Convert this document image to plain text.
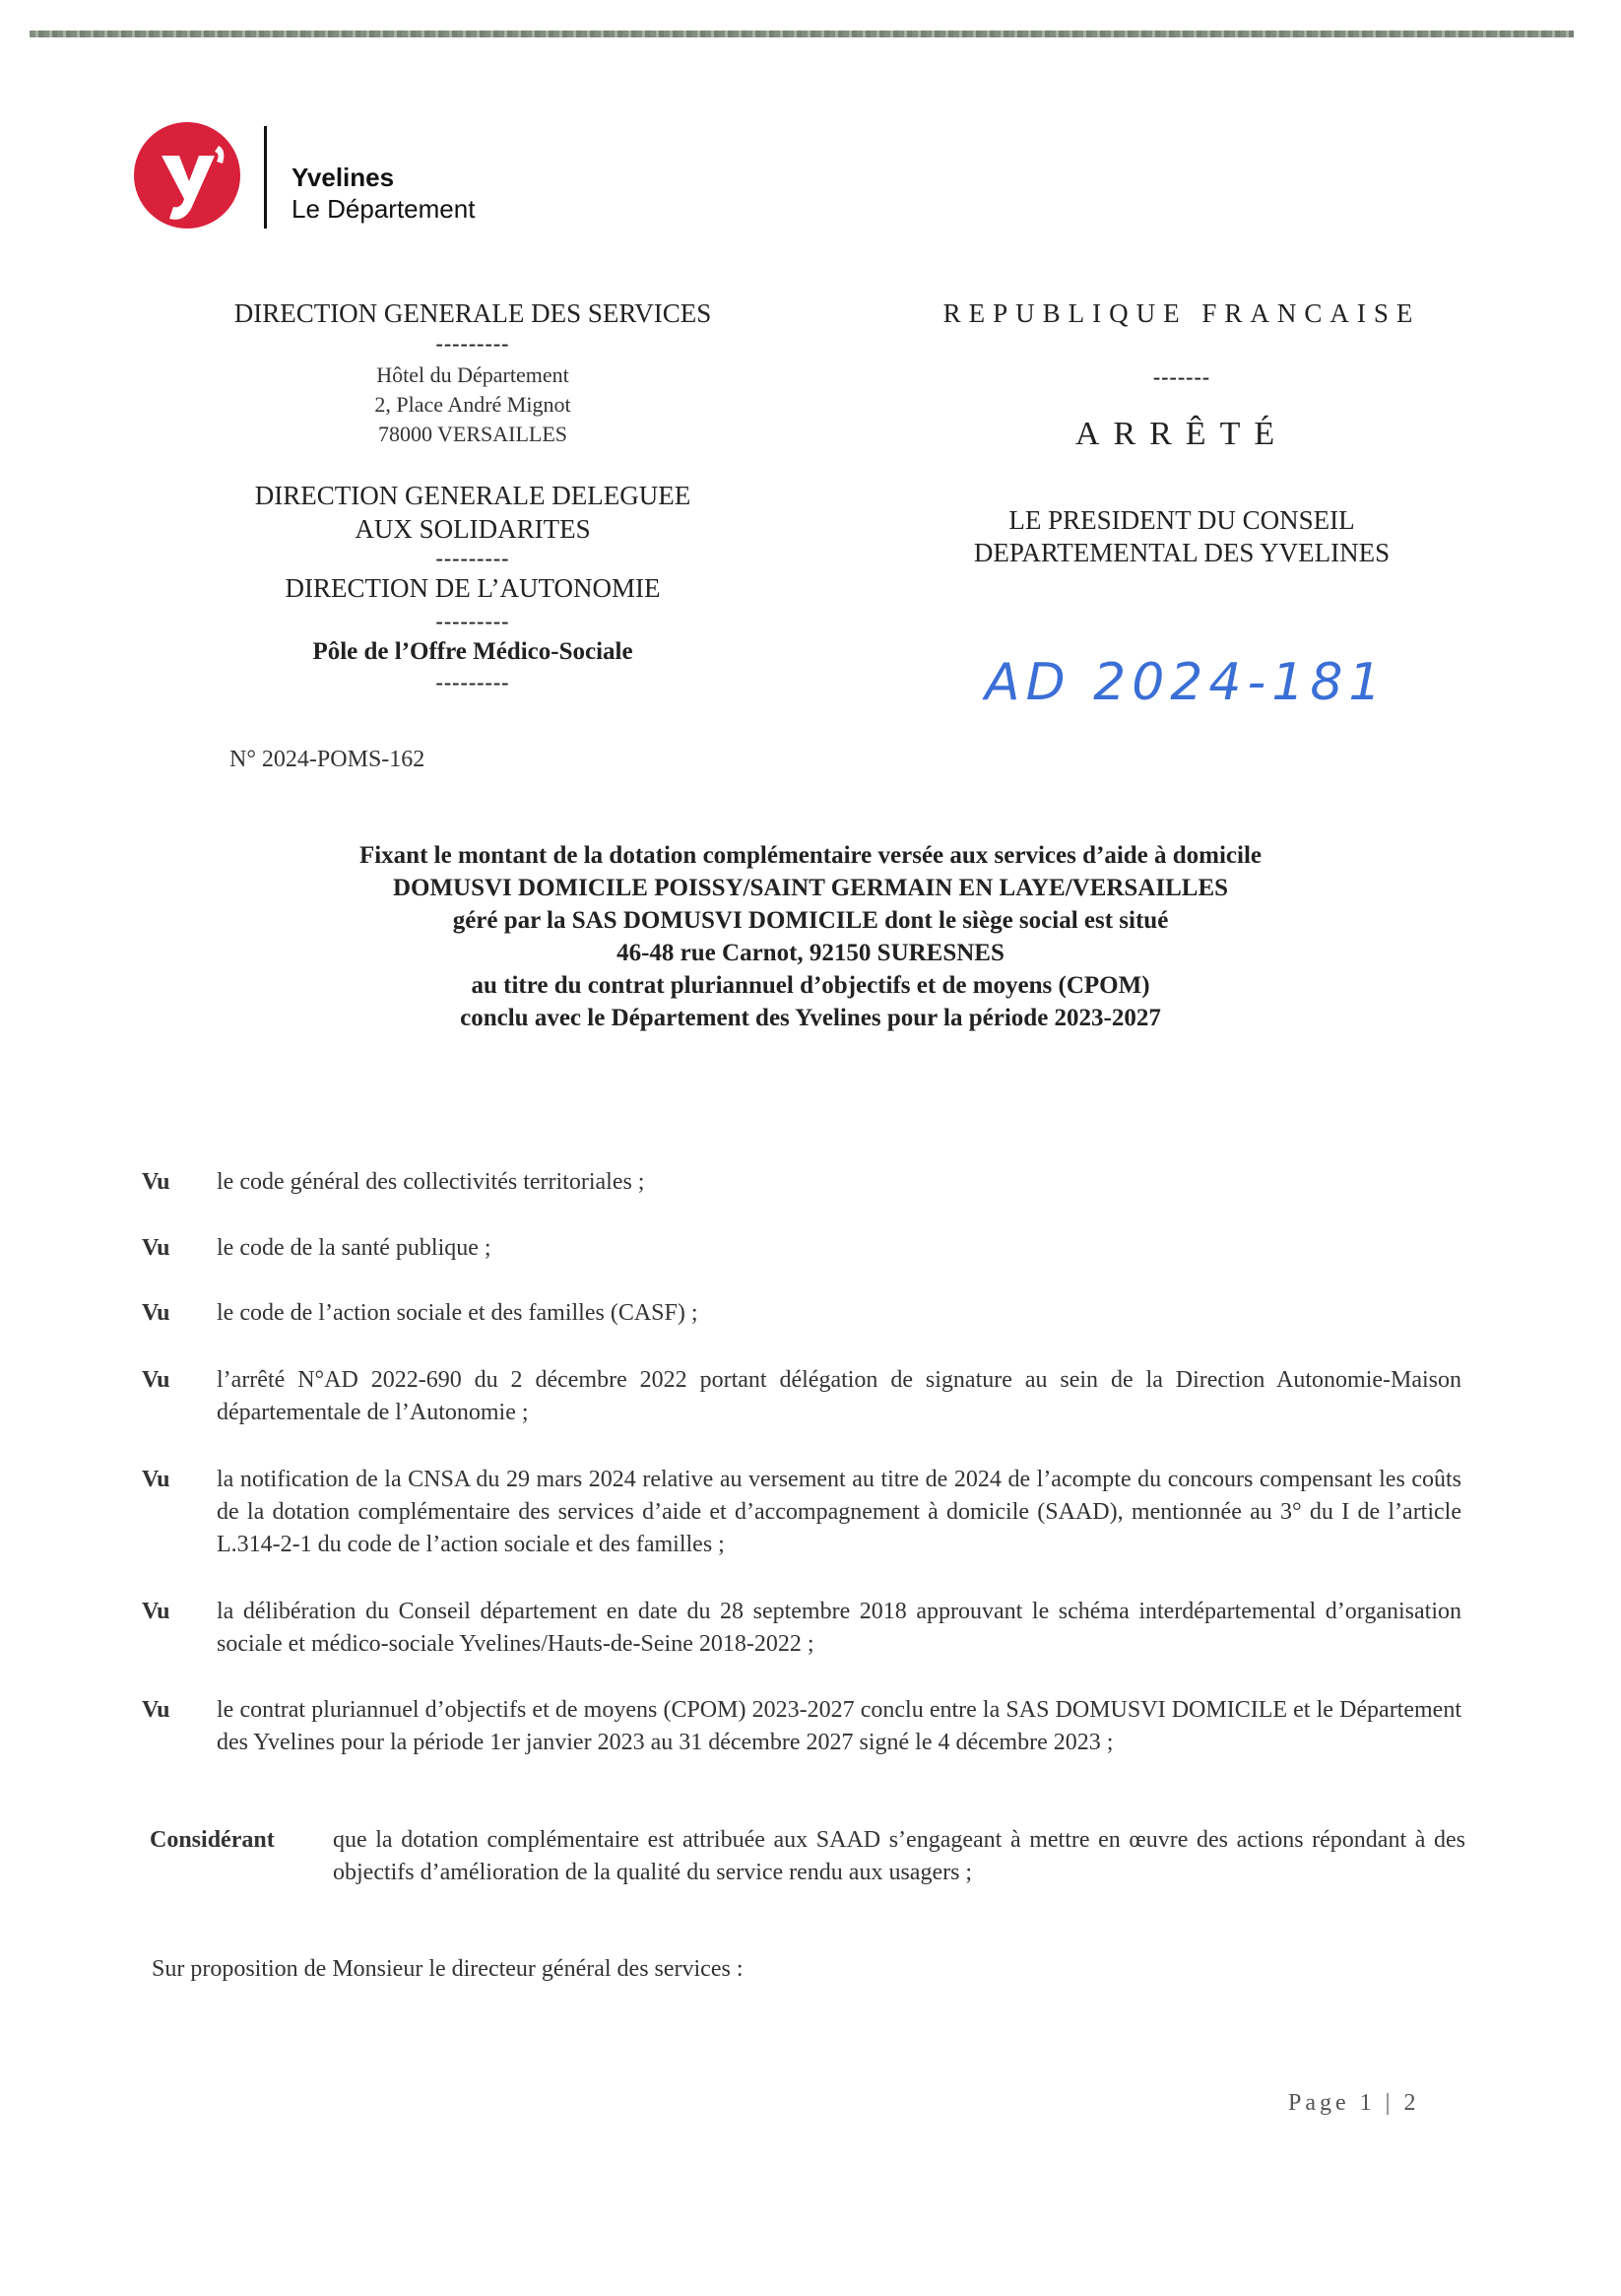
Yvelines
Le Département
DIRECTION GENERALE DES SERVICES
---------
Hôtel du Département
2, Place André Mignot
78000 VERSAILLES
DIRECTION GENERALE DELEGUEE
AUX SOLIDARITES
---------
DIRECTION DE L’AUTONOMIE
---------
Pôle de l’Offre Médico-Sociale
---------
REPUBLIQUE FRANCAISE
-------
ARRÊTÉ
LE PRESIDENT DU CONSEIL
DEPARTEMENTAL DES YVELINES
AD 2024-181
N° 2024-POMS-162
Fixant le montant de la dotation complémentaire versée aux services d’aide à domicile
DOMUSVI DOMICILE POISSY/SAINT GERMAIN EN LAYE/VERSAILLES
géré par la SAS DOMUSVI DOMICILE dont le siège social est situé
46-48 rue Carnot, 92150 SURESNES
au titre du contrat pluriannuel d’objectifs et de moyens (CPOM)
conclu avec le Département des Yvelines pour la période 2023-2027
Vu le code général des collectivités territoriales ;
Vu le code de la santé publique ;
Vu le code de l’action sociale et des familles (CASF) ;
Vu l’arrêté N°AD 2022-690 du 2 décembre 2022 portant délégation de signature au sein de la Direction Autonomie-Maison départementale de l’Autonomie ;
Vu la notification de la CNSA du 29 mars 2024 relative au versement au titre de 2024 de l’acompte du concours compensant les coûts de la dotation complémentaire des services d’aide et d’accompagnement à domicile (SAAD), mentionnée au 3° du I de l’article L.314-2-1 du code de l’action sociale et des familles ;
Vu la délibération du Conseil département en date du 28 septembre 2018 approuvant le schéma interdépartemental d’organisation sociale et médico-sociale Yvelines/Hauts-de-Seine 2018-2022 ;
Vu le contrat pluriannuel d’objectifs et de moyens (CPOM) 2023-2027 conclu entre la SAS DOMUSVI DOMICILE et le Département des Yvelines pour la période 1er janvier 2023 au 31 décembre 2027 signé le 4 décembre 2023 ;
Considérant que la dotation complémentaire est attribuée aux SAAD s’engageant à mettre en œuvre des actions répondant à des objectifs d’amélioration de la qualité du service rendu aux usagers ;
Sur proposition de Monsieur le directeur général des services :
Page 1 | 2
